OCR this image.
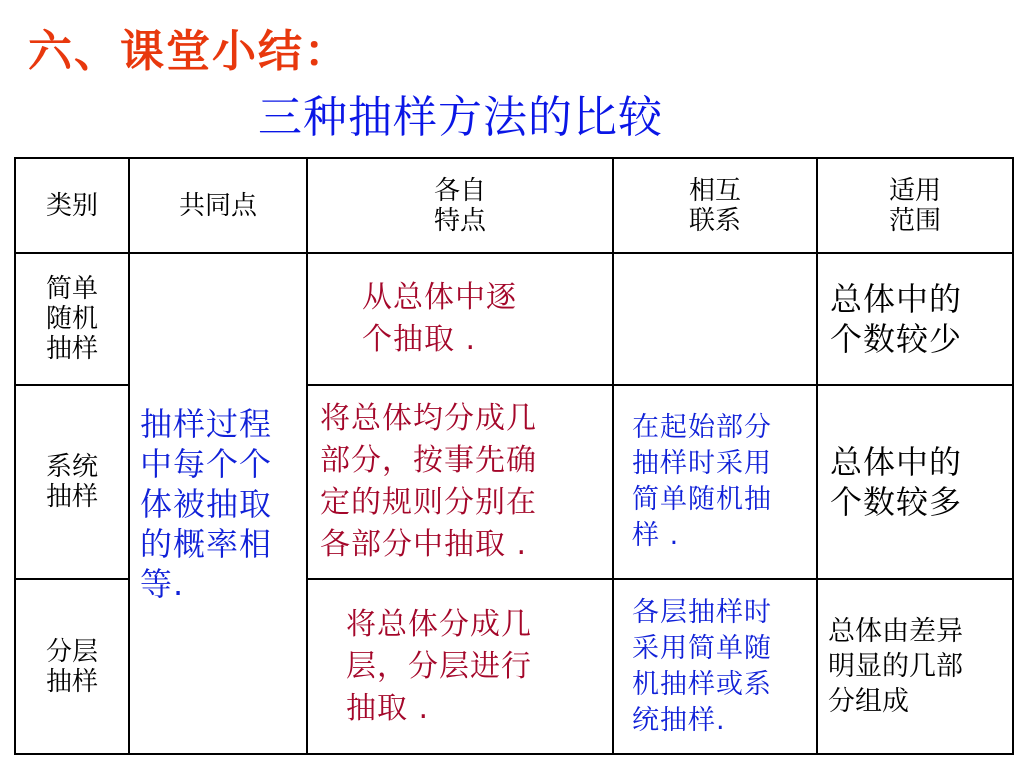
六、课堂小结：
三种抽样方法的比较
类别	共同点	各自
特点
相互
联系
适用
范围
抽样过程
中每个个
体被抽取
的概率相
等.
简单
随机
抽样
从总体中逐
个抽取 .
总体中的
个数较少
系统
抽样
将总体均分成几
部分，按事先确
定的规则分别在
各部分中抽取 .
在起始部分
抽样时采用
简单随机抽
样 .
总体中的
个数较多
分层
抽样
将总体分成几
层，分层进行
抽取 .
各层抽样时
采用简单随
机抽样或系
统抽样.
总体由差异
明显的几部
分组成
